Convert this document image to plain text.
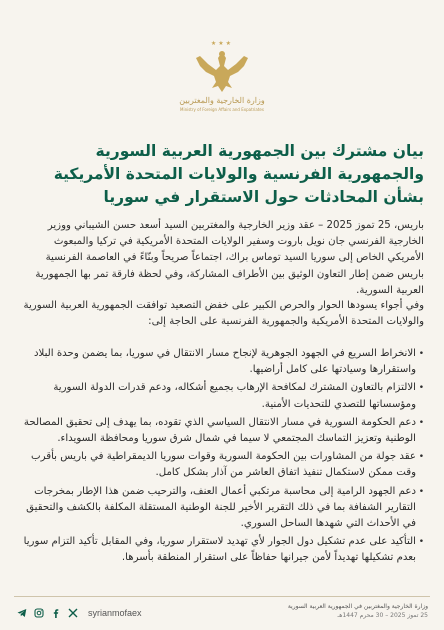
★★★
وزارة الخارجية والمغتربين
Ministry of Foreign Affairs and Expatriates
بيان مشترك بين الجمهورية العربية السورية والجمهورية الفرنسية والولايات المتحدة الأمريكية بشأن المحادثات حول الاستقرار في سوريا
باريس، 25 تموز 2025 – عقد وزير الخارجية والمغتربين السيد أسعد حسن الشيباني ووزير الخارجية الفرنسي جان نويل باروت وسفير الولايات المتحدة الأمريكية في تركيا والمبعوث الأمريكي الخاص إلى سوريا السيد توماس براك، اجتماعاً صريحاً وبنّاءً في العاصمة الفرنسية باريس ضمن إطار التعاون الوثيق بين الأطراف المشاركة، وفي لحظة فارقة تمر بها الجمهورية العربية السورية.
وفي أجواء يسودها الحوار والحرص الكبير على خفض التصعيد توافقت الجمهورية العربية السورية والولايات المتحدة الأمريكية والجمهورية الفرنسية على الحاجة إلى:
• الانخراط السريع في الجهود الجوهرية لإنجاح مسار الانتقال في سوريا، بما يضمن وحدة البلاد واستقرارها وسيادتها على كامل أراضيها.
• الالتزام بالتعاون المشترك لمكافحة الإرهاب بجميع أشكاله، ودعم قدرات الدولة السورية ومؤسساتها للتصدي للتحديات الأمنية.
• دعم الحكومة السورية في مسار الانتقال السياسي الذي تقوده، بما يهدف إلى تحقيق المصالحة الوطنية وتعزيز التماسك المجتمعي لا سيما في شمال شرق سوريا ومحافظة السويداء.
• عقد جولة من المشاورات بين الحكومة السورية وقوات سوريا الديمقراطية في باريس بأقرب وقت ممكن لاستكمال تنفيذ اتفاق العاشر من آذار بشكل كامل.
• دعم الجهود الرامية إلى محاسبة مرتكبي أعمال العنف، والترحيب ضمن هذا الإطار بمخرجات التقارير الشفافة بما في ذلك التقرير الأخير للجنة الوطنية المستقلة المكلفة بالكشف والتحقيق في الأحداث التي شهدها الساحل السوري.
• التأكيد على عدم تشكيل دول الجوار لأي تهديد لاستقرار سوريا، وفي المقابل تأكيد التزام سوريا بعدم تشكيلها تهديداً لأمن جيرانها حفاظاً على استقرار المنطقة بأسرها.
syrianmofaex
وزارة الخارجية والمغتربين في الجمهورية العربية السورية
25 تموز 2025 – 30 محرم 1447هـ
